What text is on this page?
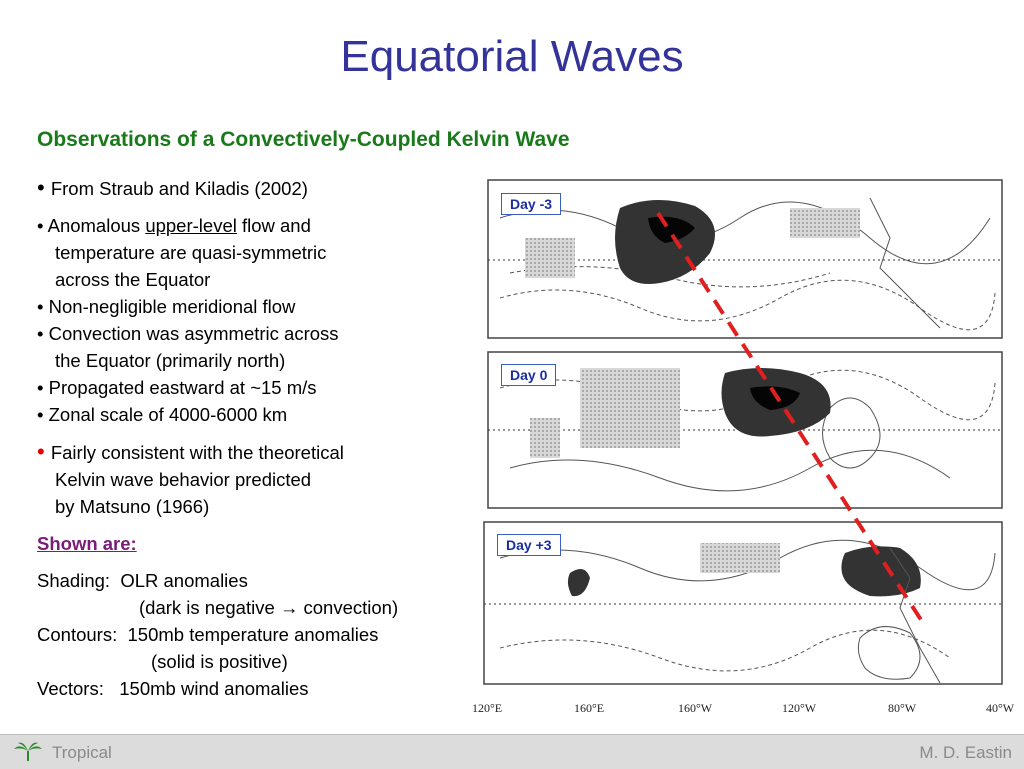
Equatorial Waves
Observations of a Convectively-Coupled Kelvin Wave
• From Straub and Kiladis (2002)
• Anomalous upper-level flow and
temperature are quasi-symmetric
across the Equator
• Non-negligible meridional flow
• Convection was asymmetric across
the Equator (primarily north)
• Propagated eastward at ~15 m/s
• Zonal scale of 4000-6000 km
• Fairly consistent with the theoretical
Kelvin wave behavior predicted
by Matsuno (1966)
Shown are:
Shading: OLR anomalies
(dark is negative → convection)
Contours: 150mb temperature anomalies
(solid is positive)
Vectors: 150mb wind anomalies
120°E	160°E	160°W	120°W	80°W	40°W
Day -3
Day 0
Day +3
Tropical	M. D. Eastin
